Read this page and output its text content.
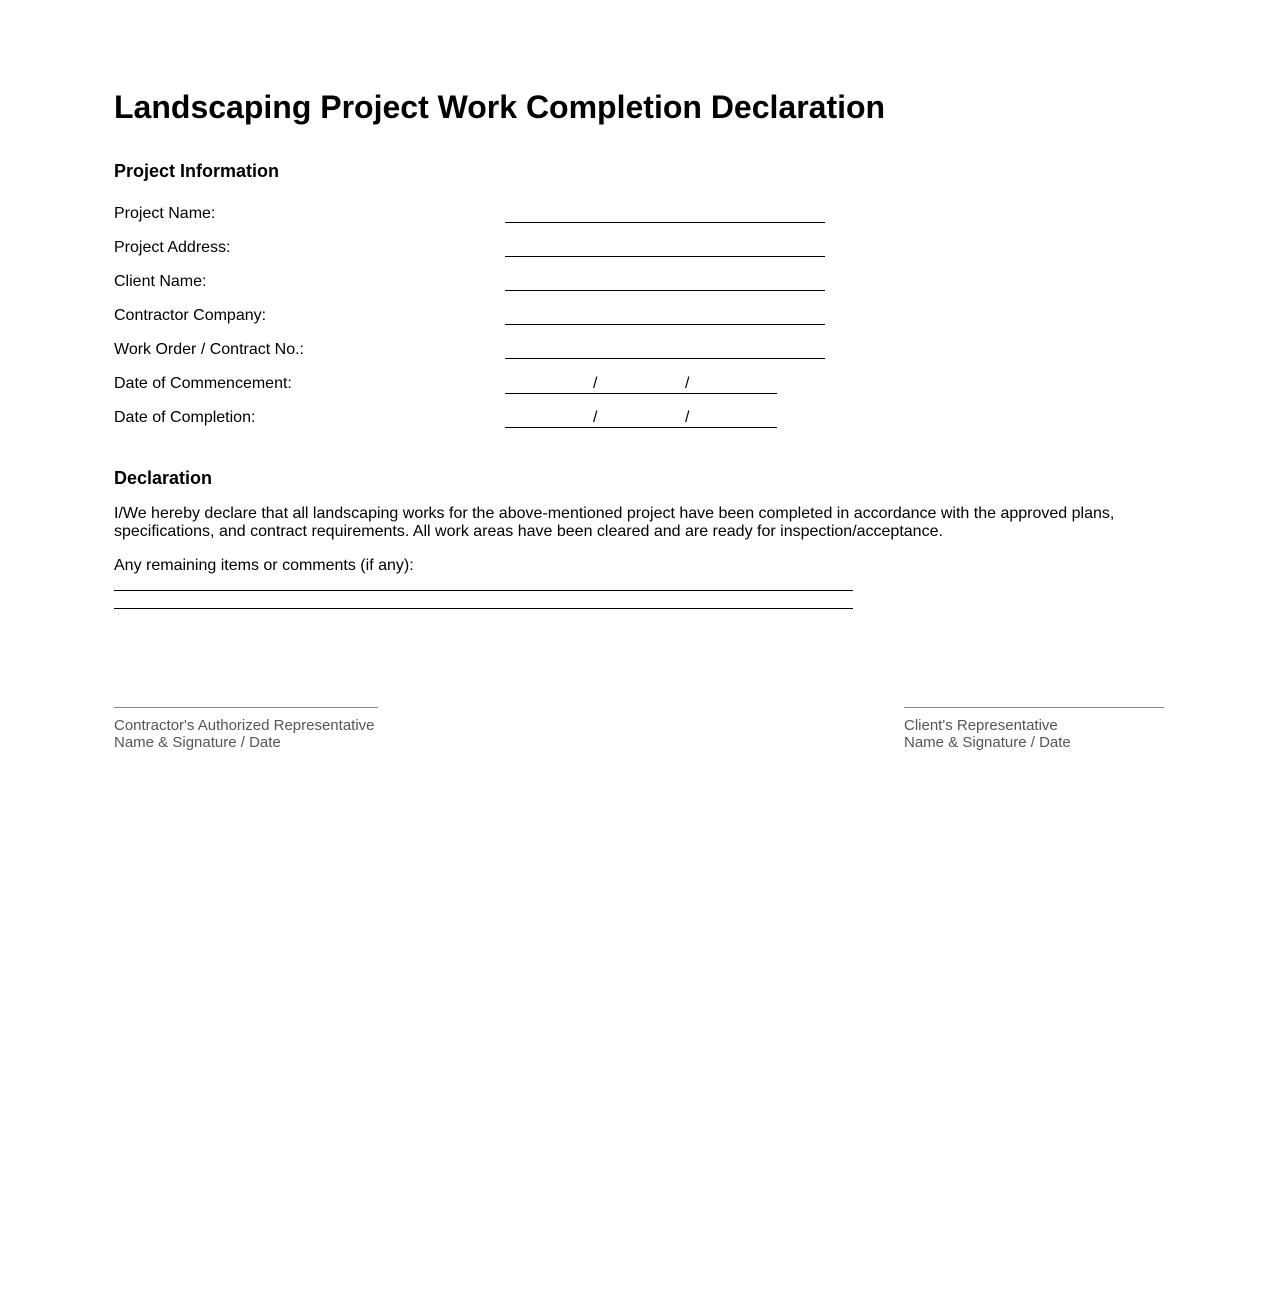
Landscaping Project Work Completion Declaration
Project Information
Project Name:
Project Address:
Client Name:
Contractor Company:
Work Order / Contract No.:
Date of Commencement:	/	/
Date of Completion:	/	/
Declaration

I/We hereby declare that all landscaping works for the above-mentioned project have been completed in accordance with the approved plans, specifications, and contract requirements. All work areas have been cleared and are ready for inspection/acceptance.

Any remaining items or comments (if any):
Contractor's Authorized Representative
Name & Signature / Date
Client's Representative
Name & Signature / Date
